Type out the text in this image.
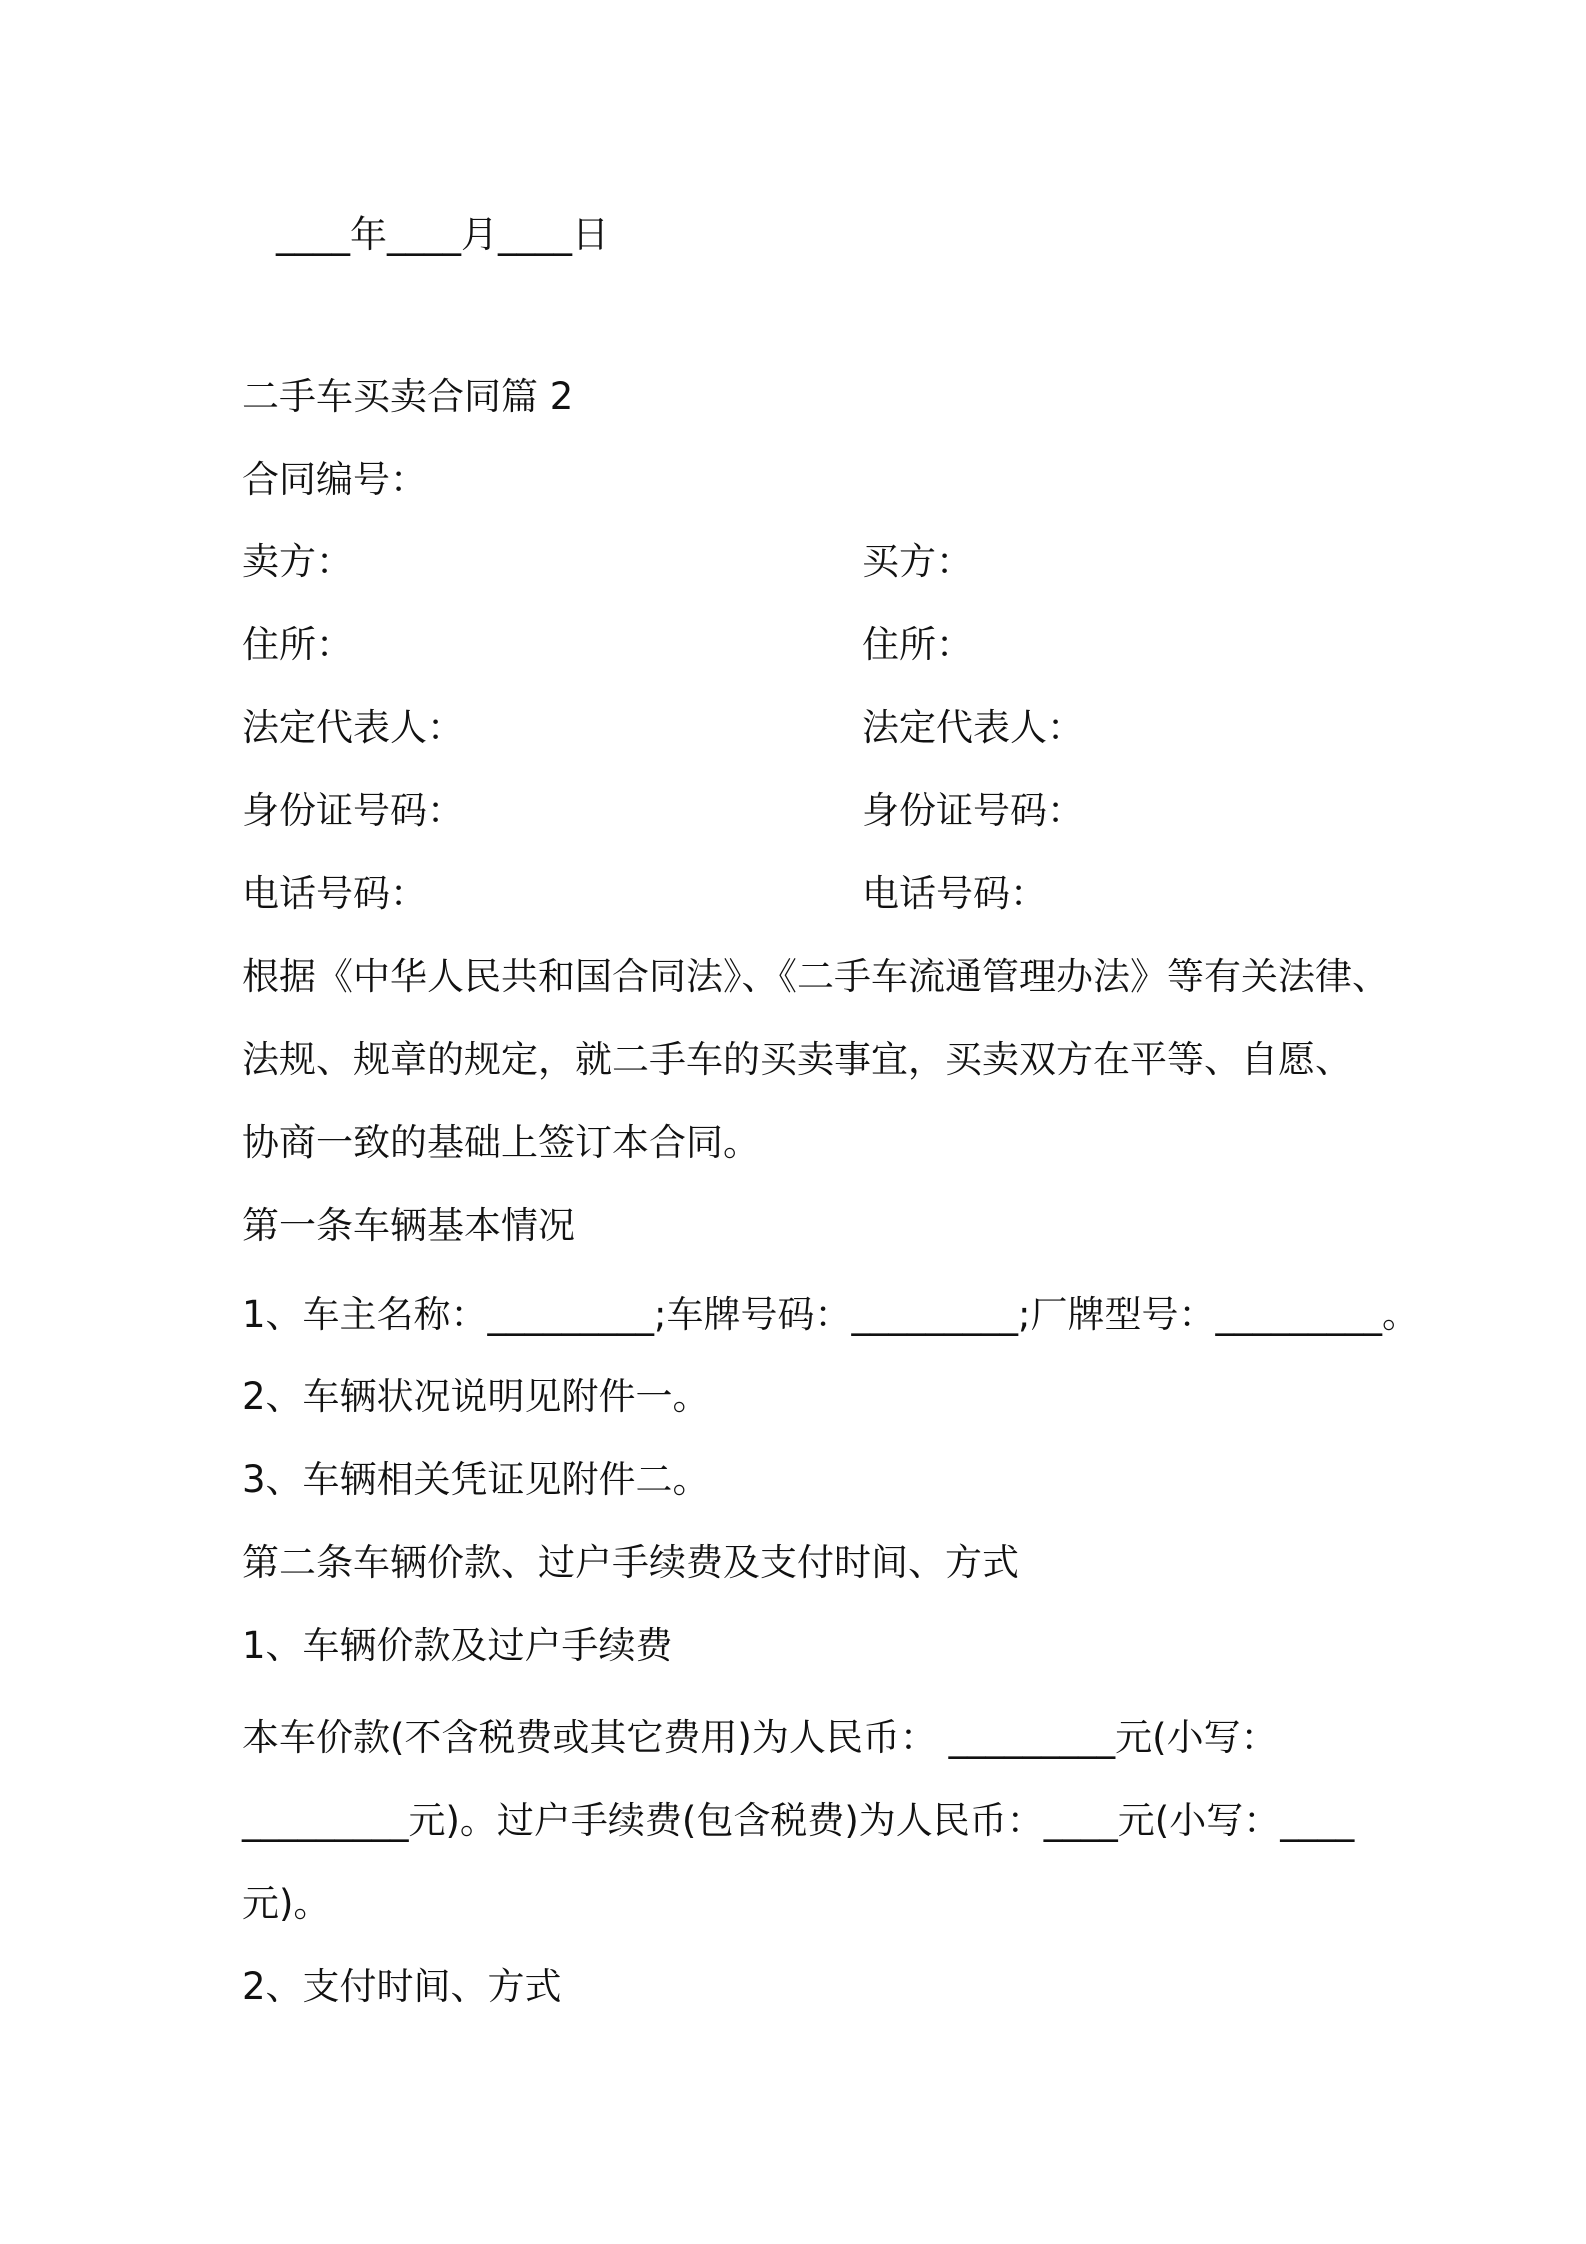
____年____月____日
二手车买卖合同篇 2
合同编号：
卖方：	买方：
住所：	住所：
法定代表人：	法定代表人：
身份证号码：	身份证号码：
电话号码：	电话号码：
根据《中华人民共和国合同法》、《二手车流通管理办法》等有关法律、
法规、规章的规定，就二手车的买卖事宜，买卖双方在平等、自愿、
协商一致的基础上签订本合同。
第一条车辆基本情况
1、车主名称：_________;车牌号码：_________;厂牌型号：_________。
2、车辆状况说明见附件一。
3、车辆相关凭证见附件二。
第二条车辆价款、过户手续费及支付时间、方式
1、车辆价款及过户手续费
本车价款(不含税费或其它费用)为人民币： _________元(小写：
_________元)。过户手续费(包含税费)为人民币：____元(小写：____
元)。
2、支付时间、方式
